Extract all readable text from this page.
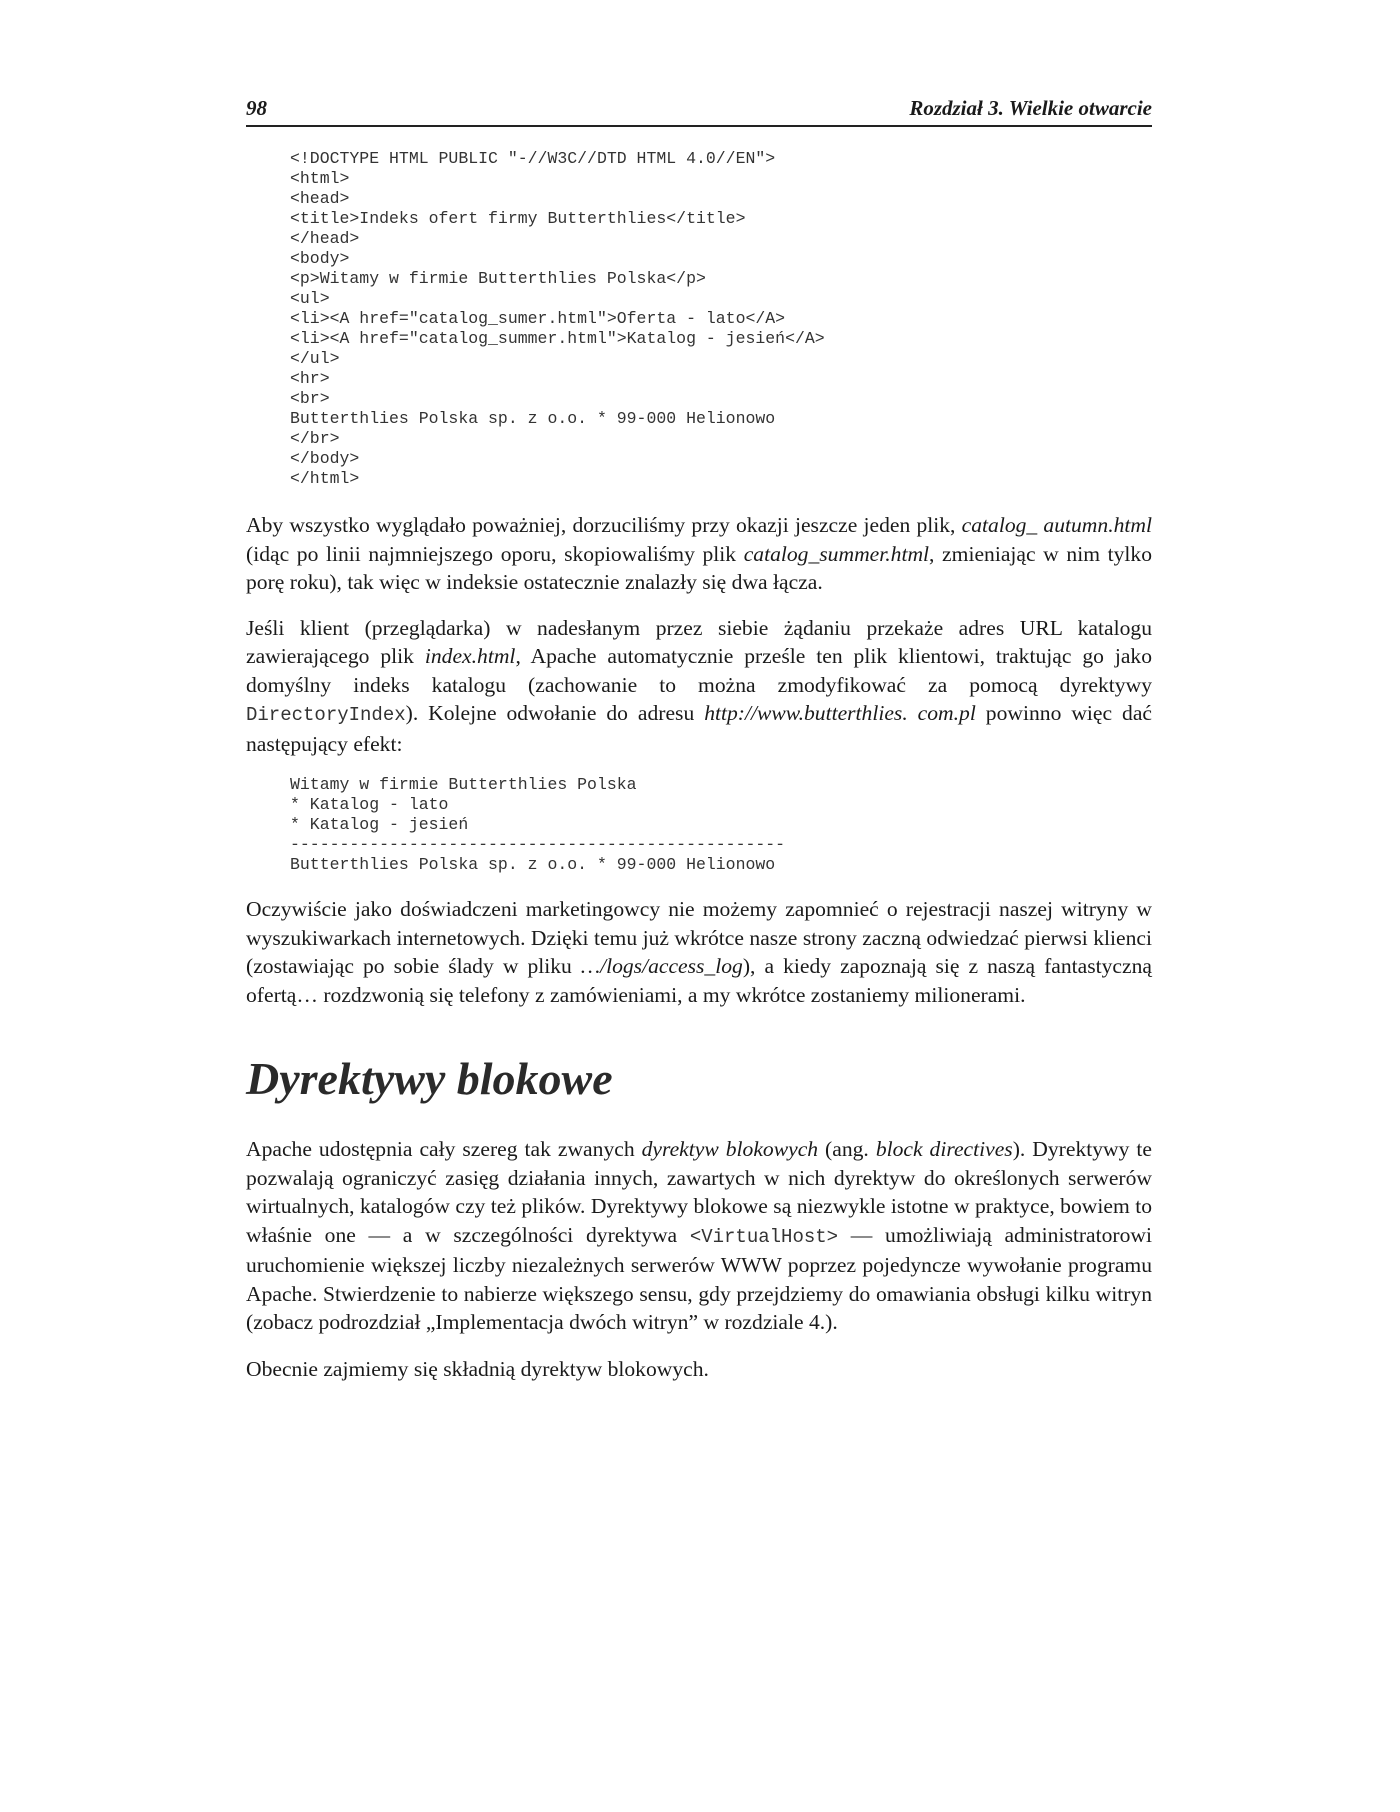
98	Rozdział 3. Wielkie otwarcie
<!DOCTYPE HTML PUBLIC "-//W3C//DTD HTML 4.0//EN">
<html>
<head>
<title>Indeks ofert firmy Butterthlies</title>
</head>
<body>
<p>Witamy w firmie Butterthlies Polska</p>
<ul>
<li><A href="catalog_sumer.html">Oferta - lato</A>
<li><A href="catalog_summer.html">Katalog - jesień</A>
</ul>
<hr>
<br>
Butterthlies Polska sp. z o.o. * 99-000 Helionowo
</br>
</body>
</html>

Aby wszystko wyglądało poważniej, dorzuciliśmy przy okazji jeszcze jeden plik, catalog_ autumn.html (idąc po linii najmniejszego oporu, skopiowaliśmy plik catalog_summer.html, zmieniając w nim tylko porę roku), tak więc w indeksie ostatecznie znalazły się dwa łącza.

Jeśli klient (przeglądarka) w nadesłanym przez siebie żądaniu przekaże adres URL katalogu zawierającego plik index.html, Apache automatycznie prześle ten plik klientowi, traktując go jako domyślny indeks katalogu (zachowanie to można zmodyfikować za pomocą dyrektywy DirectoryIndex). Kolejne odwołanie do adresu http://www.butterthlies. com.pl powinno więc dać następujący efekt:

Witamy w firmie Butterthlies Polska
* Katalog - lato
* Katalog - jesień
--------------------------------------------------
Butterthlies Polska sp. z o.o. * 99-000 Helionowo

Oczywiście jako doświadczeni marketingowcy nie możemy zapomnieć o rejestracji naszej witryny w wyszukiwarkach internetowych. Dzięki temu już wkrótce nasze strony zaczną odwiedzać pierwsi klienci (zostawiając po sobie ślady w pliku …/logs/access_log), a kiedy zapoznają się z naszą fantastyczną ofertą… rozdzwonią się telefony z zamówieniami, a my wkrótce zostaniemy milionerami.

Dyrektywy blokowe

Apache udostępnia cały szereg tak zwanych dyrektyw blokowych (ang. block directives). Dyrektywy te pozwalają ograniczyć zasięg działania innych, zawartych w nich dyrektyw do określonych serwerów wirtualnych, katalogów czy też plików. Dyrektywy blokowe są niezwykle istotne w praktyce, bowiem to właśnie one — a w szczególności dyrektywa <VirtualHost> — umożliwiają administratorowi uruchomienie większej liczby niezależnych serwerów WWW poprzez pojedyncze wywołanie programu Apache. Stwierdzenie to nabierze większego sensu, gdy przejdziemy do omawiania obsługi kilku witryn (zobacz podrozdział „Implementacja dwóch witryn” w rozdziale 4.).

Obecnie zajmiemy się składnią dyrektyw blokowych.
